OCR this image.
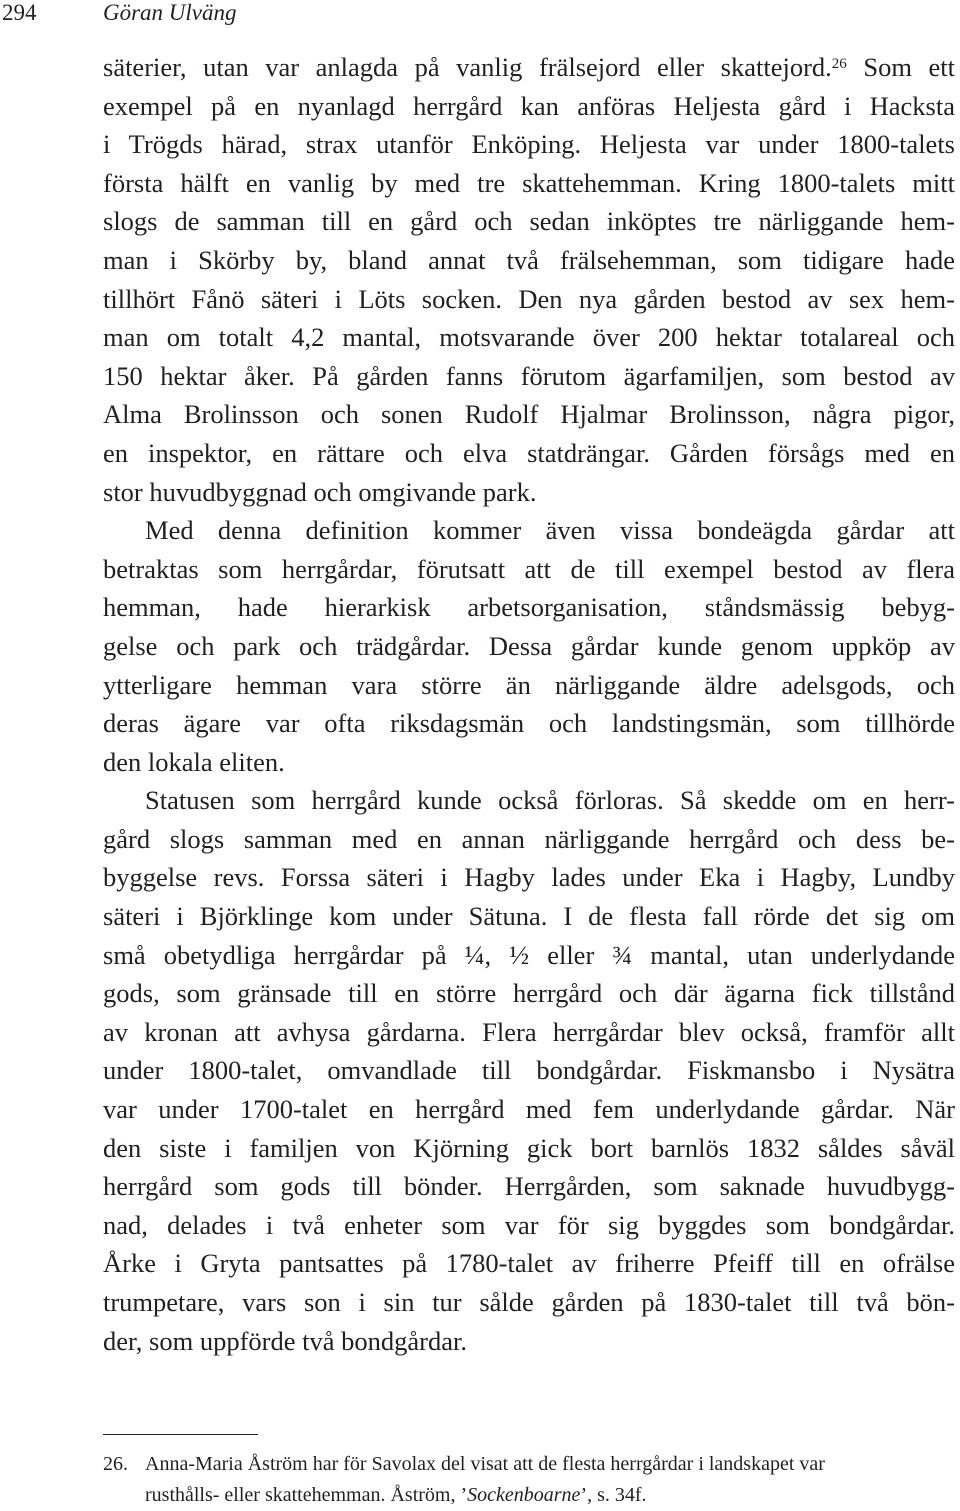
294	Göran Ulväng
säterier, utan var anlagda på vanlig frälsejord eller skattejord.$^{26}$ Som ett
exempel på en nyanlagd herrgård kan anföras Heljesta gård i Hacksta
i Trögds härad, strax utanför Enköping. Heljesta var under 1800-talets
första hälft en vanlig by med tre skattehemman. Kring 1800-talets mitt
slogs de samman till en gård och sedan inköptes tre närliggande hem-
man i Skörby by, bland annat två frälsehemman, som tidigare hade
tillhört Fånö säteri i Löts socken. Den nya gården bestod av sex hem-
man om totalt 4,2 mantal, motsvarande över 200 hektar totalareal och
150 hektar åker. På gården fanns förutom ägarfamiljen, som bestod av
Alma Brolinsson och sonen Rudolf Hjalmar Brolinsson, några pigor,
en inspektor, en rättare och elva statdrängar. Gården försågs med en
stor huvudbyggnad och omgivande park.
Med denna definition kommer även vissa bondeägda gårdar att
betraktas som herrgårdar, förutsatt att de till exempel bestod av flera
hemman, hade hierarkisk arbetsorganisation, ståndsmässig bebyg-
gelse och park och trädgårdar. Dessa gårdar kunde genom uppköp av
ytterligare hemman vara större än närliggande äldre adelsgods, och
deras ägare var ofta riksdagsmän och landstingsmän, som tillhörde
den lokala eliten.
Statusen som herrgård kunde också förloras. Så skedde om en herr-
gård slogs samman med en annan närliggande herrgård och dess be-
byggelse revs. Forssa säteri i Hagby lades under Eka i Hagby, Lundby
säteri i Björklinge kom under Sätuna. I de flesta fall rörde det sig om
små obetydliga herrgårdar på ¼, ½ eller ¾ mantal, utan underlydande
gods, som gränsade till en större herrgård och där ägarna fick tillstånd
av kronan att avhysa gårdarna. Flera herrgårdar blev också, framför allt
under 1800-talet, omvandlade till bondgårdar. Fiskmansbo i Nysätra
var under 1700-talet en herrgård med fem underlydande gårdar. När
den siste i familjen von Kjörning gick bort barnlös 1832 såldes såväl
herrgård som gods till bönder. Herrgården, som saknade huvudbygg-
nad, delades i två enheter som var för sig byggdes som bondgårdar.
Årke i Gryta pantsattes på 1780-talet av friherre Pfeiff till en ofrälse
trumpetare, vars son i sin tur sålde gården på 1830-talet till två bön-
der, som uppförde två bondgårdar.
26. Anna-Maria Åström har för Savolax del visat att de flesta herrgårdar i landskapet var
rusthålls- eller skattehemman. Åström, ’Sockenboarne’, s. 34f.
